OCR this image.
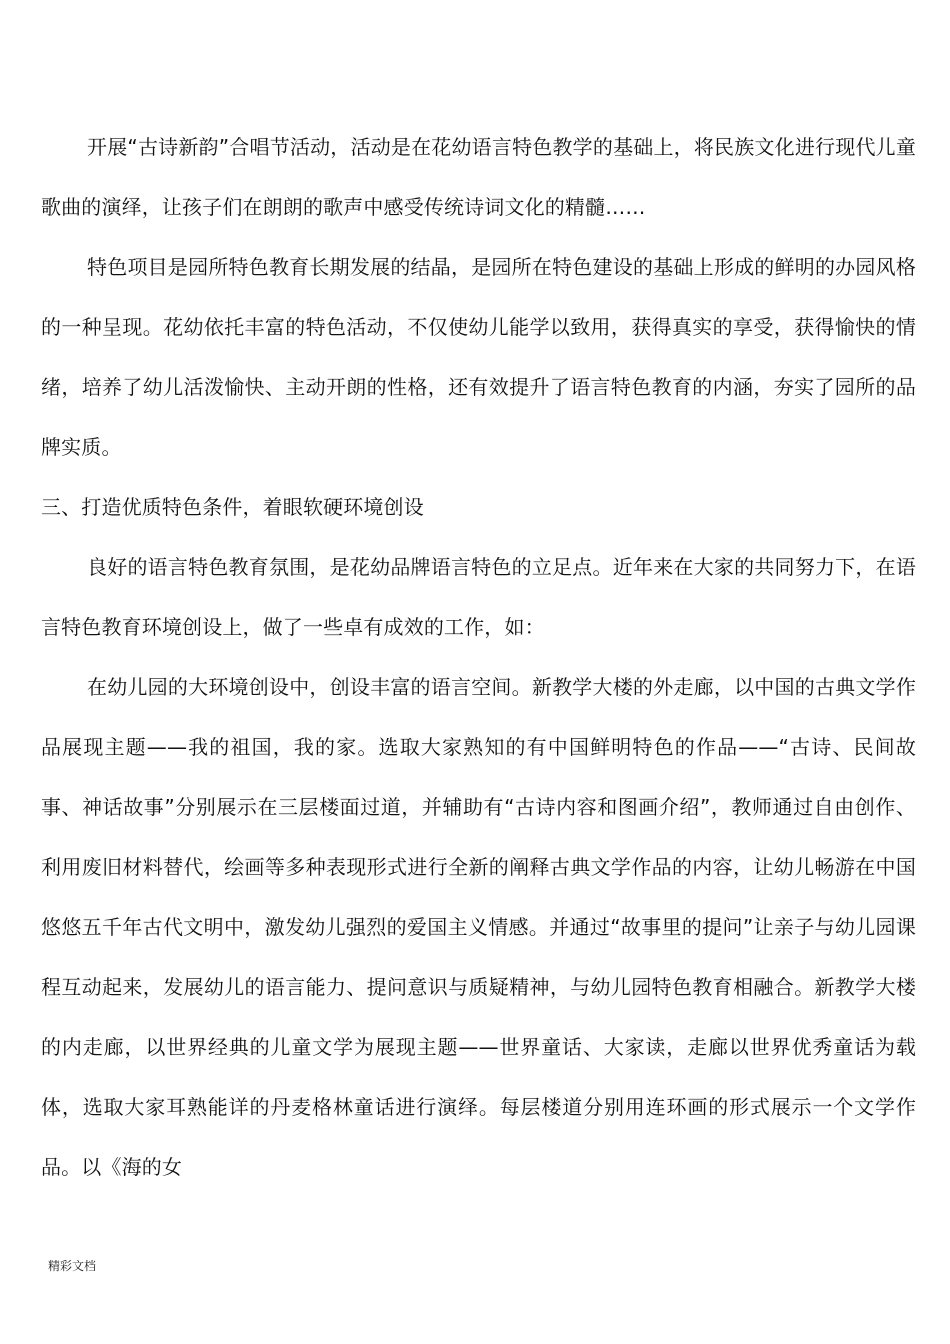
开展“古诗新韵”合唱节活动，活动是在花幼语言特色教学的基础上，将民族文化进行现代儿童歌曲的演绎，让孩子们在朗朗的歌声中感受传统诗词文化的精髓……

特色项目是园所特色教育长期发展的结晶，是园所在特色建设的基础上形成的鲜明的办园风格的一种呈现。花幼依托丰富的特色活动，不仅使幼儿能学以致用，获得真实的享受，获得愉快的情绪，培养了幼儿活泼愉快、主动开朗的性格，还有效提升了语言特色教育的内涵，夯实了园所的品牌实质。

三、打造优质特色条件，着眼软硬环境创设

良好的语言特色教育氛围，是花幼品牌语言特色的立足点。近年来在大家的共同努力下，在语言特色教育环境创设上，做了一些卓有成效的工作，如：

在幼儿园的大环境创设中，创设丰富的语言空间。新教学大楼的外走廊，以中国的古典文学作品展现主题——我的祖国，我的家。选取大家熟知的有中国鲜明特色的作品——“古诗、民间故事、神话故事”分别展示在三层楼面过道，并辅助有“古诗内容和图画介绍”，教师通过自由创作、利用废旧材料替代，绘画等多种表现形式进行全新的阐释古典文学作品的内容，让幼儿畅游在中国悠悠五千年古代文明中，激发幼儿强烈的爱国主义情感。并通过“故事里的提问”让亲子与幼儿园课程互动起来，发展幼儿的语言能力、提问意识与质疑精神，与幼儿园特色教育相融合。新教学大楼的内走廊，以世界经典的儿童文学为展现主题——世界童话、大家读，走廊以世界优秀童话为载体，选取大家耳熟能详的丹麦格林童话进行演绎。每层楼道分别用连环画的形式展示一个文学作品。以《海的女

精彩文档
